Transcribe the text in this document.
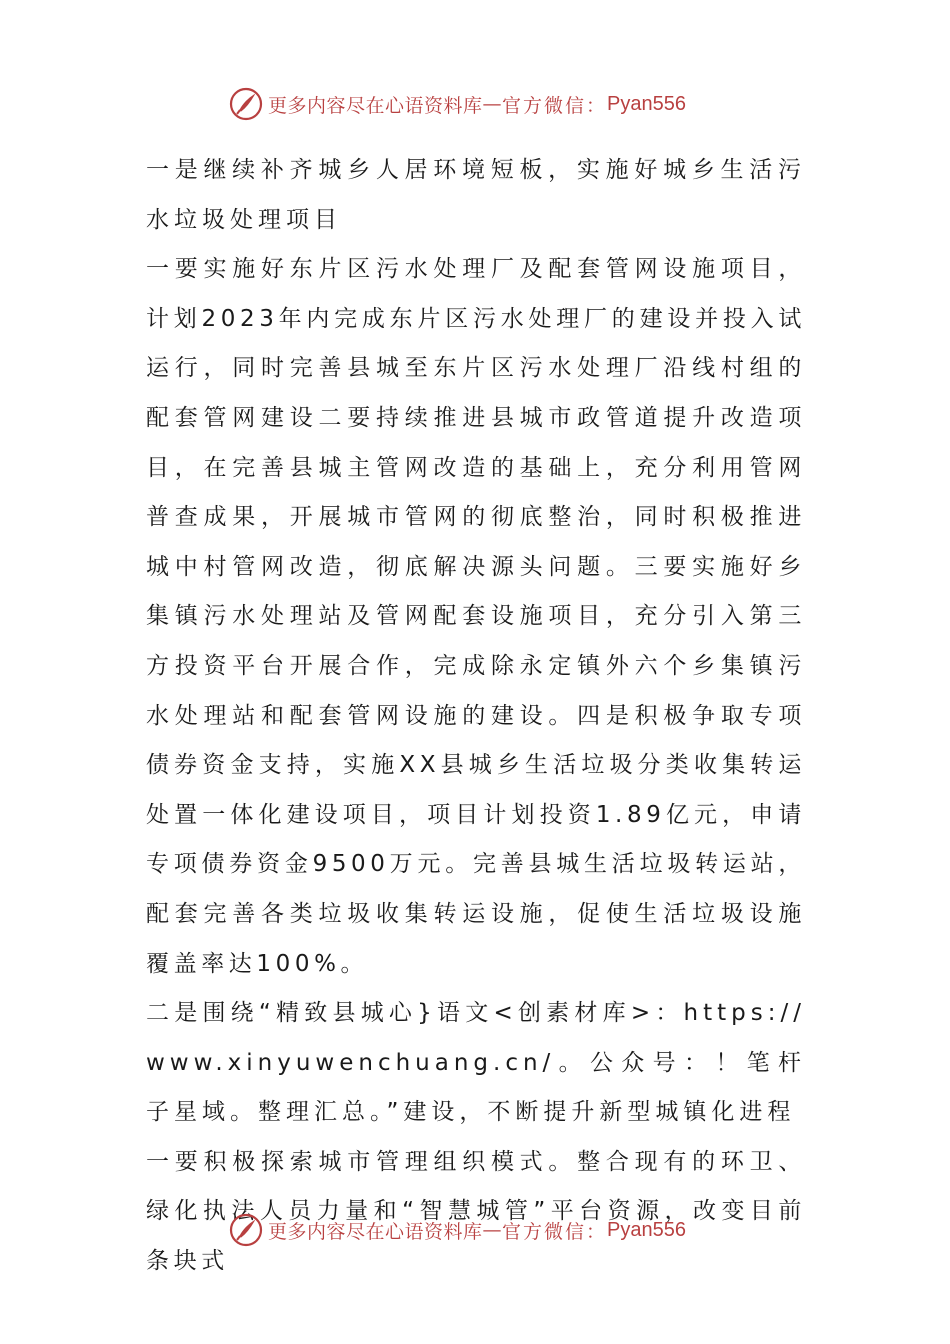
更多内容尽在心语资料库 — 官方微信： Pyan556

一是继续补齐城乡人居环境短板，实施好城乡生活污水垃圾处理项目

一要实施好东片区污水处理厂及配套管网设施项目，计划2023年内完成东片区污水处理厂的建设并投入试运行，同时完善县城至东片区污水处理厂沿线村组的配套管网建设二要持续推进县城市政管道提升改造项目，在完善县城主管网改造的基础上，充分利用管网普查成果，开展城市管网的彻底整治，同时积极推进城中村管网改造，彻底解决源头问题。三要实施好乡集镇污水处理站及管网配套设施项目，充分引入第三方投资平台开展合作，完成除永定镇外六个乡集镇污水处理站和配套管网设施的建设。四是积极争取专项债券资金支持，实施XX县城乡生活垃圾分类收集转运处置一体化建设项目，项目计划投资1.89亿元，申请专项债券资金9500万元。完善县城生活垃圾转运站，配套完善各类垃圾收集转运设施，促使生活垃圾设施覆盖率达100%。

二是围绕“精致县城心}语文<创素材库>：https://www.xinyuwenchuang.cn/。公众号：！笔杆子星域。整理汇总。”建设，不断提升新型城镇化进程

一要积极探索城市管理组织模式。整合现有的环卫、绿化执法人员力量和“智慧城管”平台资源，改变目前条块式

更多内容尽在心语资料库 — 官方微信： Pyan556
